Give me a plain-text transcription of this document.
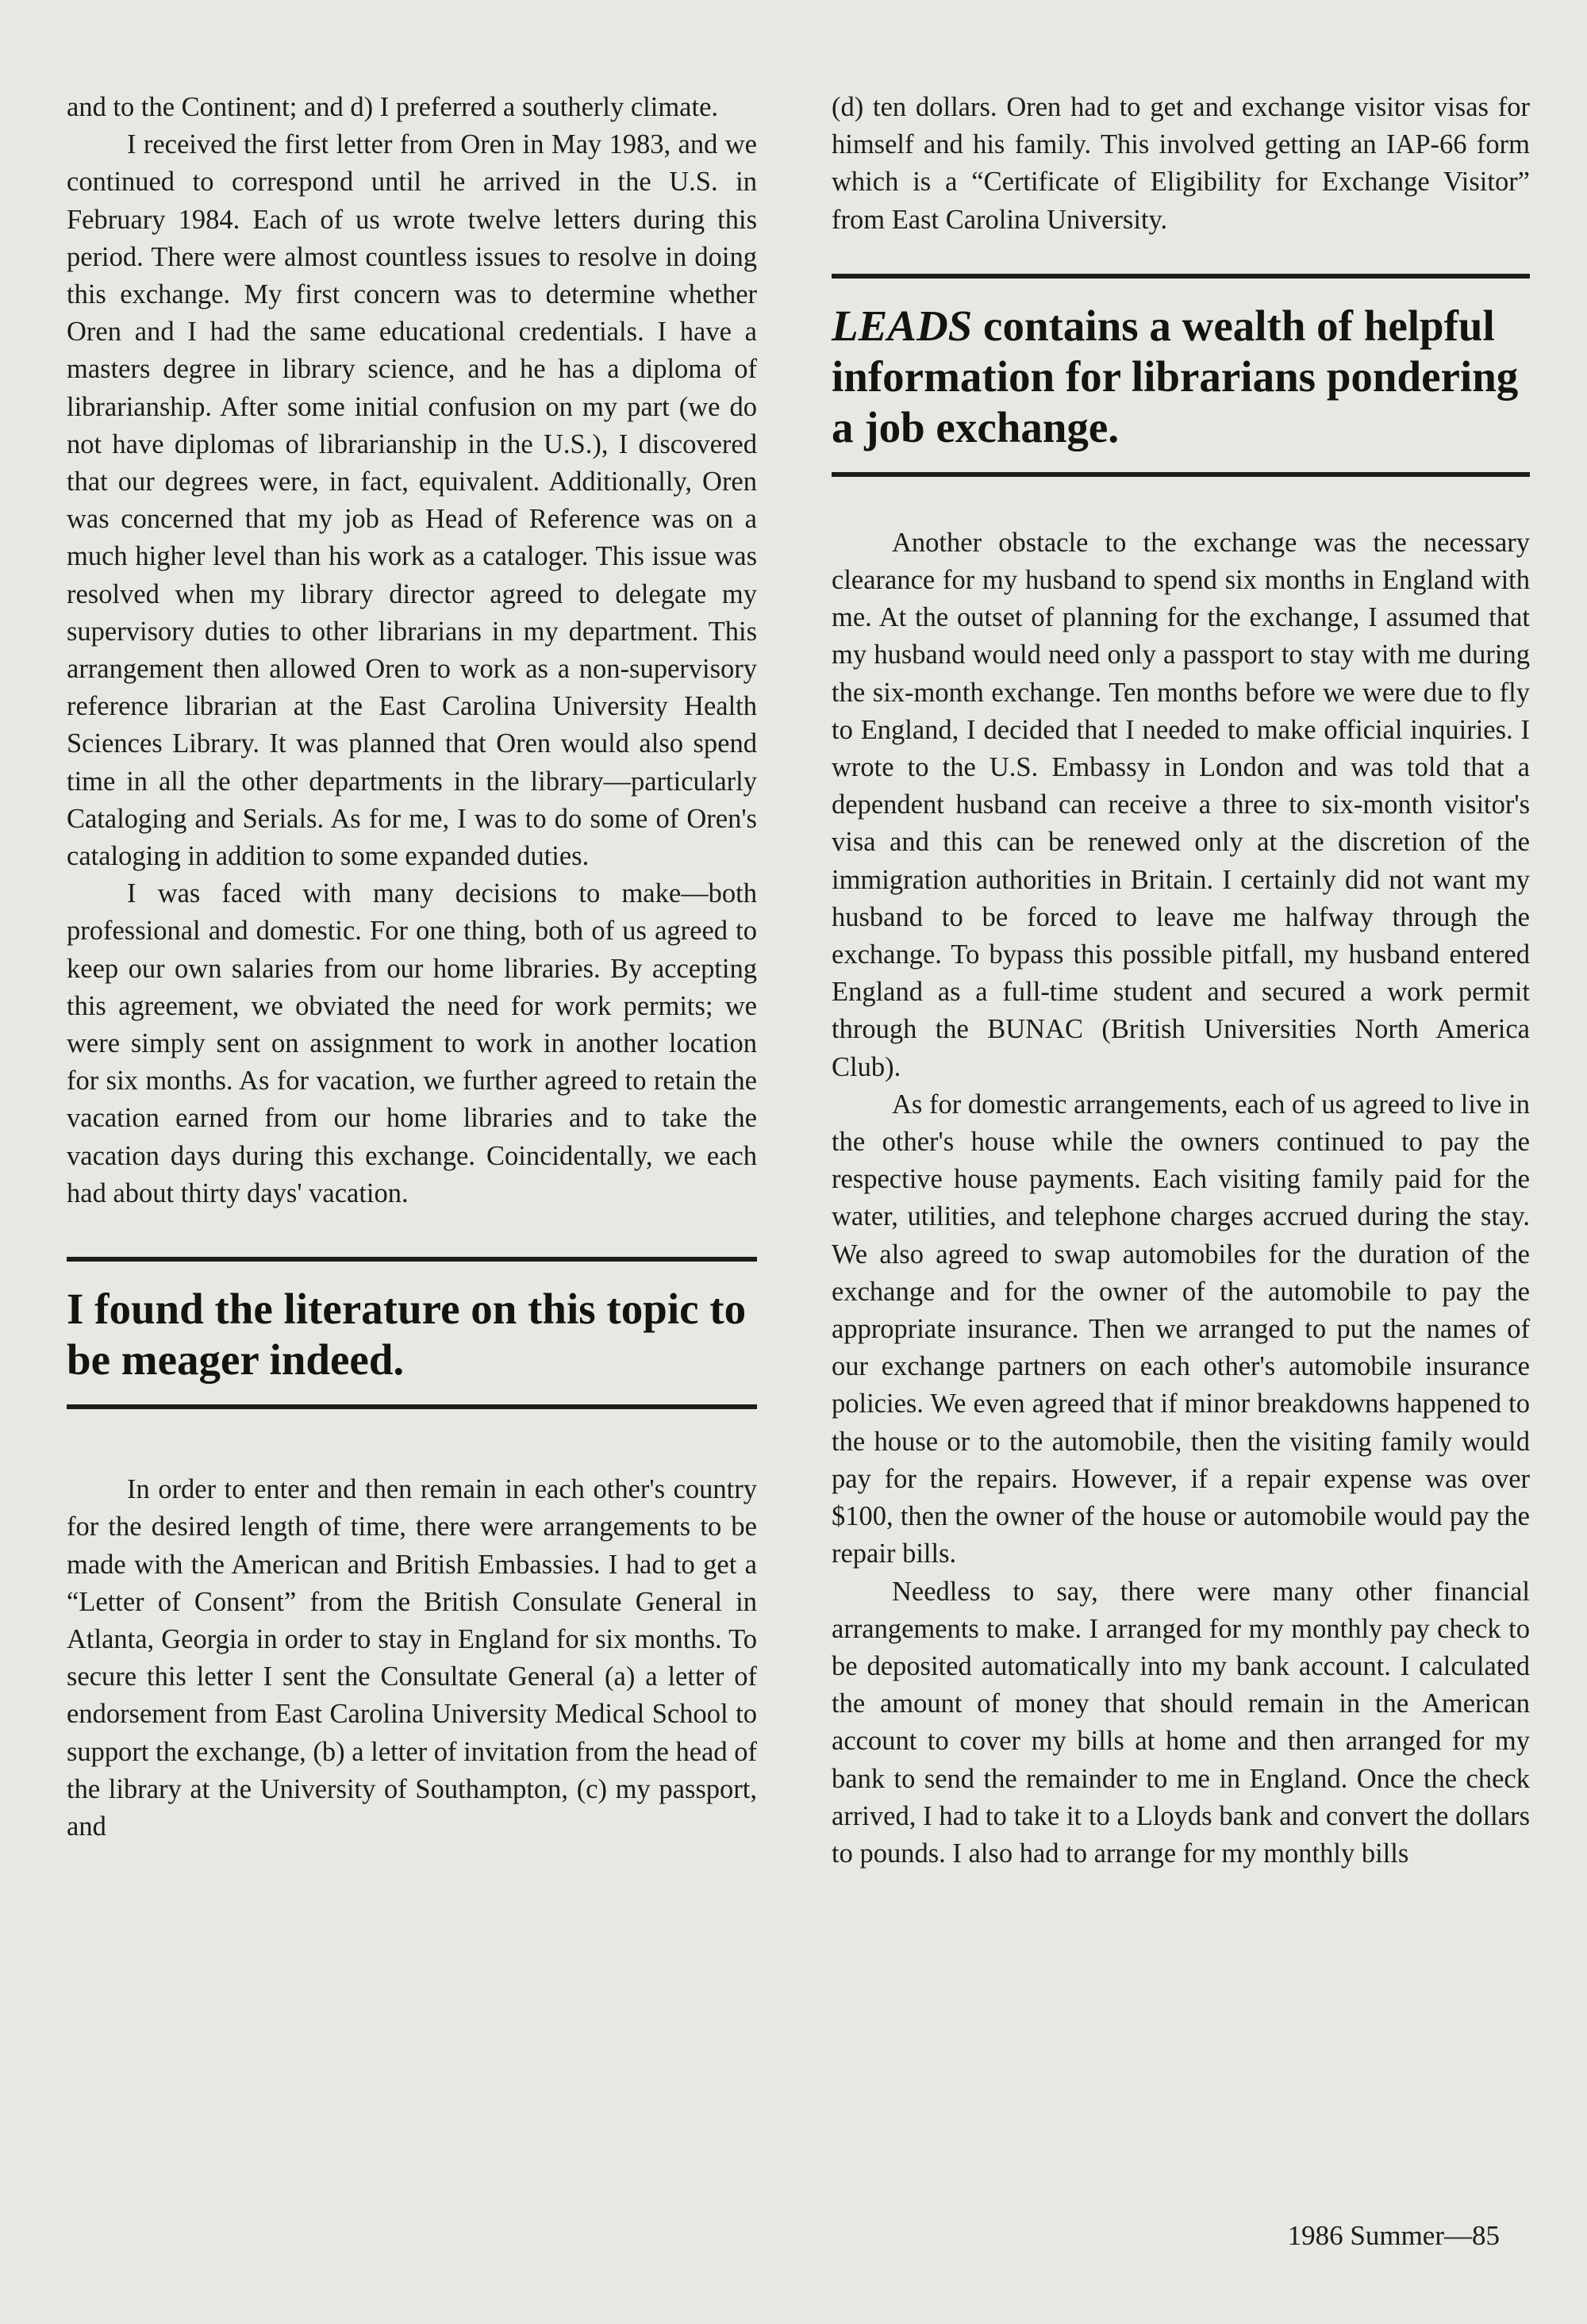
and to the Continent; and d) I preferred a southerly climate.

I received the first letter from Oren in May 1983, and we continued to correspond until he arrived in the U.S. in February 1984. Each of us wrote twelve letters during this period. There were almost countless issues to resolve in doing this exchange. My first concern was to determine whether Oren and I had the same educational credentials. I have a masters degree in library science, and he has a diploma of librarianship. After some initial confusion on my part (we do not have diplomas of librarianship in the U.S.), I discovered that our degrees were, in fact, equivalent. Additionally, Oren was concerned that my job as Head of Reference was on a much higher level than his work as a cataloger. This issue was resolved when my library director agreed to delegate my supervisory duties to other librarians in my department. This arrangement then allowed Oren to work as a non-supervisory reference librarian at the East Carolina University Health Sciences Library. It was planned that Oren would also spend time in all the other departments in the library—particularly Cataloging and Serials. As for me, I was to do some of Oren's cataloging in addition to some expanded duties.

I was faced with many decisions to make—both professional and domestic. For one thing, both of us agreed to keep our own salaries from our home libraries. By accepting this agreement, we obviated the need for work permits; we were simply sent on assignment to work in another location for six months. As for vacation, we further agreed to retain the vacation earned from our home libraries and to take the vacation days during this exchange. Coincidentally, we each had about thirty days' vacation.

I found the literature on this topic to be meager indeed.

In order to enter and then remain in each other's country for the desired length of time, there were arrangements to be made with the American and British Embassies. I had to get a “Letter of Consent” from the British Consulate General in Atlanta, Georgia in order to stay in England for six months. To secure this letter I sent the Consultate General (a) a letter of endorsement from East Carolina University Medical School to support the exchange, (b) a letter of invitation from the head of the library at the University of Southampton, (c) my passport, and

(d) ten dollars. Oren had to get and exchange visitor visas for himself and his family. This involved getting an IAP-66 form which is a “Certificate of Eligibility for Exchange Visitor” from East Carolina University.

LEADS contains a wealth of helpful information for librarians pondering a job exchange.

Another obstacle to the exchange was the necessary clearance for my husband to spend six months in England with me. At the outset of planning for the exchange, I assumed that my husband would need only a passport to stay with me during the six-month exchange. Ten months before we were due to fly to England, I decided that I needed to make official inquiries. I wrote to the U.S. Embassy in London and was told that a dependent husband can receive a three to six-month visitor's visa and this can be renewed only at the discretion of the immigration authorities in Britain. I certainly did not want my husband to be forced to leave me halfway through the exchange. To bypass this possible pitfall, my husband entered England as a full-time student and secured a work permit through the BUNAC (British Universities North America Club).

As for domestic arrangements, each of us agreed to live in the other's house while the owners continued to pay the respective house payments. Each visiting family paid for the water, utilities, and telephone charges accrued during the stay. We also agreed to swap automobiles for the duration of the exchange and for the owner of the automobile to pay the appropriate insurance. Then we arranged to put the names of our exchange partners on each other's automobile insurance policies. We even agreed that if minor breakdowns happened to the house or to the automobile, then the visiting family would pay for the repairs. However, if a repair expense was over $100, then the owner of the house or automobile would pay the repair bills.

Needless to say, there were many other financial arrangements to make. I arranged for my monthly pay check to be deposited automatically into my bank account. I calculated the amount of money that should remain in the American account to cover my bills at home and then arranged for my bank to send the remainder to me in England. Once the check arrived, I had to take it to a Lloyds bank and convert the dollars to pounds. I also had to arrange for my monthly bills

1986 Summer—85
